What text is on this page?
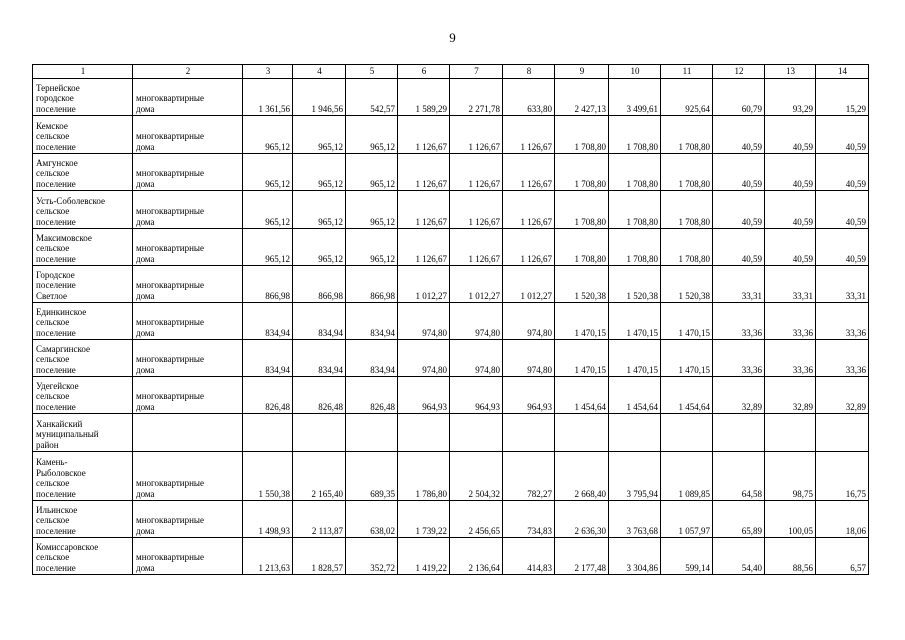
9
1	2	3	4	5	6	7	8	9	10	11	12	13	14
Тернейское
городское
поселение	многоквартирные
дома	1 361,56	1 946,56	542,57	1 589,29	2 271,78	633,80	2 427,13	3 499,61	925,64	60,79	93,29	15,29
Кемское
сельское
поселение	многоквартирные
дома	965,12	965,12	965,12	1 126,67	1 126,67	1 126,67	1 708,80	1 708,80	1 708,80	40,59	40,59	40,59
Амгунское
сельское
поселение	многоквартирные
дома	965,12	965,12	965,12	1 126,67	1 126,67	1 126,67	1 708,80	1 708,80	1 708,80	40,59	40,59	40,59
Усть-Соболевское
сельское
поселение	многоквартирные
дома	965,12	965,12	965,12	1 126,67	1 126,67	1 126,67	1 708,80	1 708,80	1 708,80	40,59	40,59	40,59
Максимовское
сельское
поселение	многоквартирные
дома	965,12	965,12	965,12	1 126,67	1 126,67	1 126,67	1 708,80	1 708,80	1 708,80	40,59	40,59	40,59
Городское
поселение
Светлое	многоквартирные
дома	866,98	866,98	866,98	1 012,27	1 012,27	1 012,27	1 520,38	1 520,38	1 520,38	33,31	33,31	33,31
Единкинское
сельское
поселение	многоквартирные
дома	834,94	834,94	834,94	974,80	974,80	974,80	1 470,15	1 470,15	1 470,15	33,36	33,36	33,36
Самаргинское
сельское
поселение	многоквартирные
дома	834,94	834,94	834,94	974,80	974,80	974,80	1 470,15	1 470,15	1 470,15	33,36	33,36	33,36
Удегейское
сельское
поселение	многоквартирные
дома	826,48	826,48	826,48	964,93	964,93	964,93	1 454,64	1 454,64	1 454,64	32,89	32,89	32,89
Ханкайский
муниципальный
район													
Камень-
Рыболовское
сельское
поселение	многоквартирные
дома	1 550,38	2 165,40	689,35	1 786,80	2 504,32	782,27	2 668,40	3 795,94	1 089,85	64,58	98,75	16,75
Ильинское
сельское
поселение	многоквартирные
дома	1 498,93	2 113,87	638,02	1 739,22	2 456,65	734,83	2 636,30	3 763,68	1 057,97	65,89	100,05	18,06
Комиссаровское
сельское
поселение	многоквартирные
дома	1 213,63	1 828,57	352,72	1 419,22	2 136,64	414,83	2 177,48	3 304,86	599,14	54,40	88,56	6,57
